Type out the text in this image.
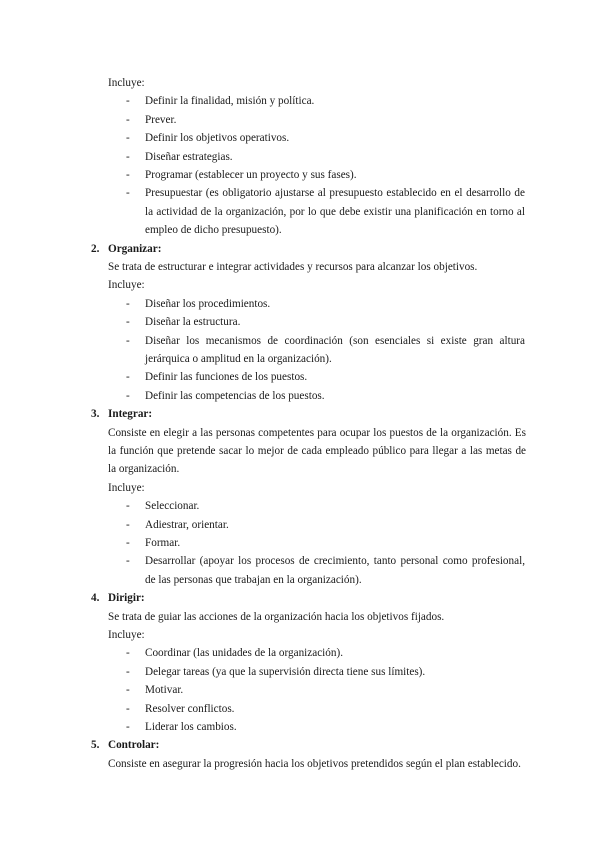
Incluye:
- Definir la finalidad, misión y política.
- Prever.
- Definir los objetivos operativos.
- Diseñar estrategias.
- Programar (establecer un proyecto y sus fases).
- Presupuestar (es obligatorio ajustarse al presupuesto establecido en el desarrollo de
la actividad de la organización, por lo que debe existir una planificación en torno al
empleo de dicho presupuesto).
2. Organizar:
Se trata de estructurar e integrar actividades y recursos para alcanzar los objetivos.
Incluye:
- Diseñar los procedimientos.
- Diseñar la estructura.
- Diseñar los mecanismos de coordinación (son esenciales si existe gran altura
jerárquica o amplitud en la organización).
- Definir las funciones de los puestos.
- Definir las competencias de los puestos.
3. Integrar:
Consiste en elegir a las personas competentes para ocupar los puestos de la organización. Es
la función que pretende sacar lo mejor de cada empleado público para llegar a las metas de
la organización.
Incluye:
- Seleccionar.
- Adiestrar, orientar.
- Formar.
- Desarrollar (apoyar los procesos de crecimiento, tanto personal como profesional,
de las personas que trabajan en la organización).
4. Dirigir:
Se trata de guiar las acciones de la organización hacia los objetivos fijados.
Incluye:
- Coordinar (las unidades de la organización).
- Delegar tareas (ya que la supervisión directa tiene sus límites).
- Motivar.
- Resolver conflictos.
- Liderar los cambios.
5. Controlar:
Consiste en asegurar la progresión hacia los objetivos pretendidos según el plan establecido.
